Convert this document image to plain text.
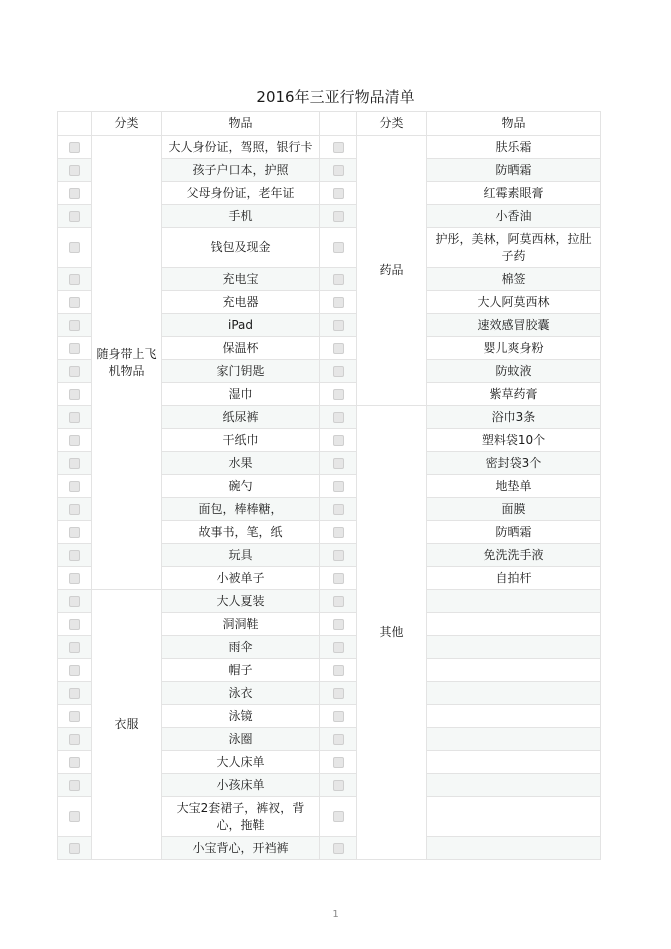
2016年三亚行物品清单
	分类	物品		分类	物品
	随身带上飞机物品	大人身份证，驾照，银行卡		药品	肤乐霜
		孩子户口本，护照			防晒霜
		父母身份证，老年证			红霉素眼膏
		手机			小香油
		钱包及现金			护彤，美林，阿莫西林，拉肚子药
		充电宝			棉签
		充电器			大人阿莫西林
		iPad			速效感冒胶囊
		保温杯			婴儿爽身粉
		家门钥匙			防蚊液
		湿巾			紫草药膏
		纸尿裤		其他	浴巾3条
		干纸巾			塑料袋10个
		水果			密封袋3个
		碗勺			地垫单
		面包，棒棒糖，			面膜
		故事书，笔，纸			防晒霜
		玩具			免洗洗手液
		小被单子			自拍杆
	衣服	大人夏装			
		洞洞鞋			
		雨伞			
		帽子			
		泳衣			
		泳镜			
		泳圈			
		大人床单			
		小孩床单			
		大宝2套裙子，裤衩，背心，拖鞋			
		小宝背心，开裆裤			
1
